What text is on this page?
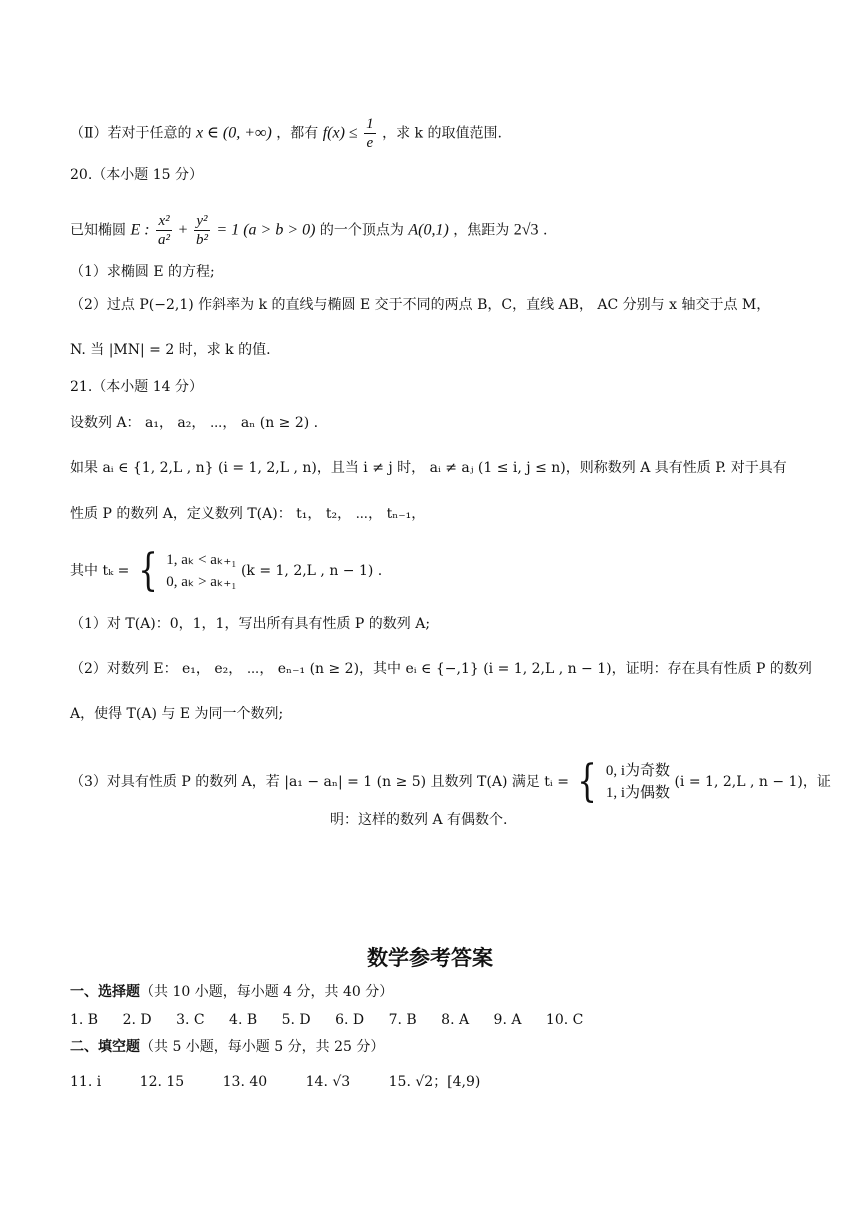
（Ⅱ）若对于任意的 x ∈ (0, +∞) ，都有 $f(x) \le \frac{1}{e}$ ，求 k 的取值范围.
20.（本小题 15 分）
已知椭圆 E : $\frac{\text{x²}}{\text{a²}} + \frac{\text{y²}}{\text{b²}} = 1$ (a > b > 0) 的一个顶点为 A(0,1) ，焦距为 2√3 .
（1）求椭圆 E 的方程;
（2）过点 P(−2,1) 作斜率为 k 的直线与椭圆 E 交于不同的两点 B，C，直线 AB， AC 分别与 x 轴交于点 M，
N. 当 |MN| = 2 时，求 k 的值.
21.（本小题 14 分）
设数列 A： a₁， a₂， ⋯， aₙ (n ≥ 2) .
如果 aᵢ ∈ {1, 2,L , n} (i = 1, 2,L , n)，且当 i ≠ j 时， aᵢ ≠ aⱼ (1 ≤ i, j ≤ n)，则称数列 A 具有性质 P. 对于具有
性质 P 的数列 A，定义数列 T(A)： t₁， t₂， ⋯， tₙ₋₁，
其中 tₖ = { 1, aₖ < aₖ₊₁
0, aₖ > aₖ₊₁
(k = 1, 2,L , n − 1) .
（1）对 T(A)：0，1，1，写出所有具有性质 P 的数列 A;
（2）对数列 E： e₁， e₂， ⋯， eₙ₋₁ (n ≥ 2)，其中 eᵢ ∈ {−,1} (i = 1, 2,L , n − 1)，证明：存在具有性质 P 的数列
A，使得 T(A) 与 E 为同一个数列;
（3）对具有性质 P 的数列 A，若 |a₁ − aₙ| = 1 (n ≥ 5) 且数列 T(A) 满足 tᵢ = { 0, i为奇数
1, i为偶数
(i = 1, 2,L , n − 1)，证
明：这样的数列 A 有偶数个.
数学参考答案
一、选择题（共 10 小题，每小题 4 分，共 40 分）
1. B 2. D 3. C 4. B 5. D 6. D 7. B 8. A 9. A 10. C
二、填空题（共 5 小题，每小题 5 分，共 25 分）
11. i	12. 15	13. 40	14. √3	15. √2；[4,9)
